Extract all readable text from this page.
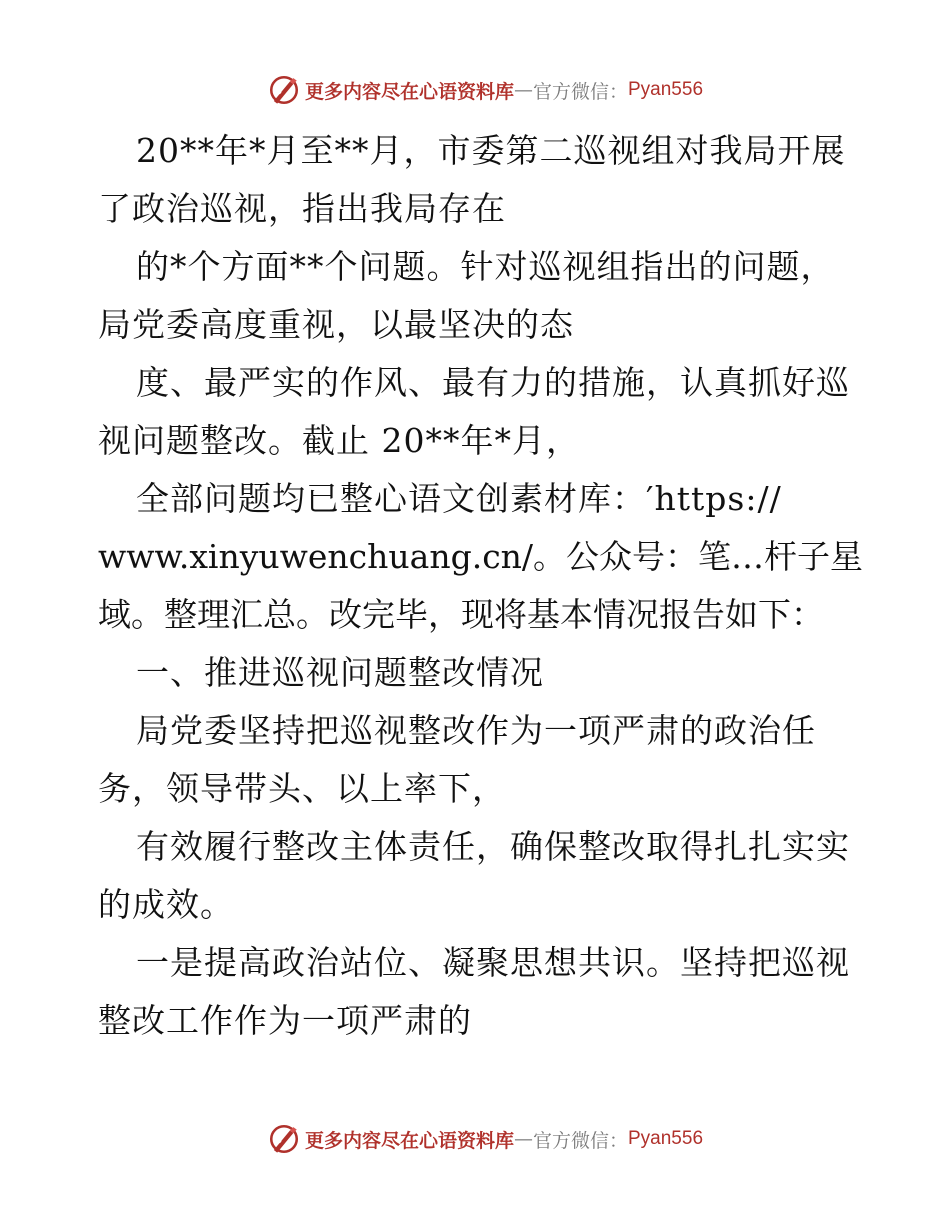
更多内容尽在心语资料库 — 官方微信： Pyan556
20**年*月至**月，市委第二巡视组对我局开展
了政治巡视，指出我局存在
的*个方面**个问题。针对巡视组指出的问题，
局党委高度重视，以最坚决的态
度、最严实的作风、最有力的措施，认真抓好巡
视问题整改。截止 20**年*月，
全部问题均已整心语文创素材库：′https://
www.xinyuwenchuang.cn/。公众号：笔…杆子星
域。整理汇总。改完毕，现将基本情况报告如下：
一、推进巡视问题整改情况
局党委坚持把巡视整改作为一项严肃的政治任
务，领导带头、以上率下，
有效履行整改主体责任，确保整改取得扎扎实实
的成效。
一是提高政治站位、凝聚思想共识。坚持把巡视
整改工作作为一项严肃的
更多内容尽在心语资料库 — 官方微信： Pyan556
